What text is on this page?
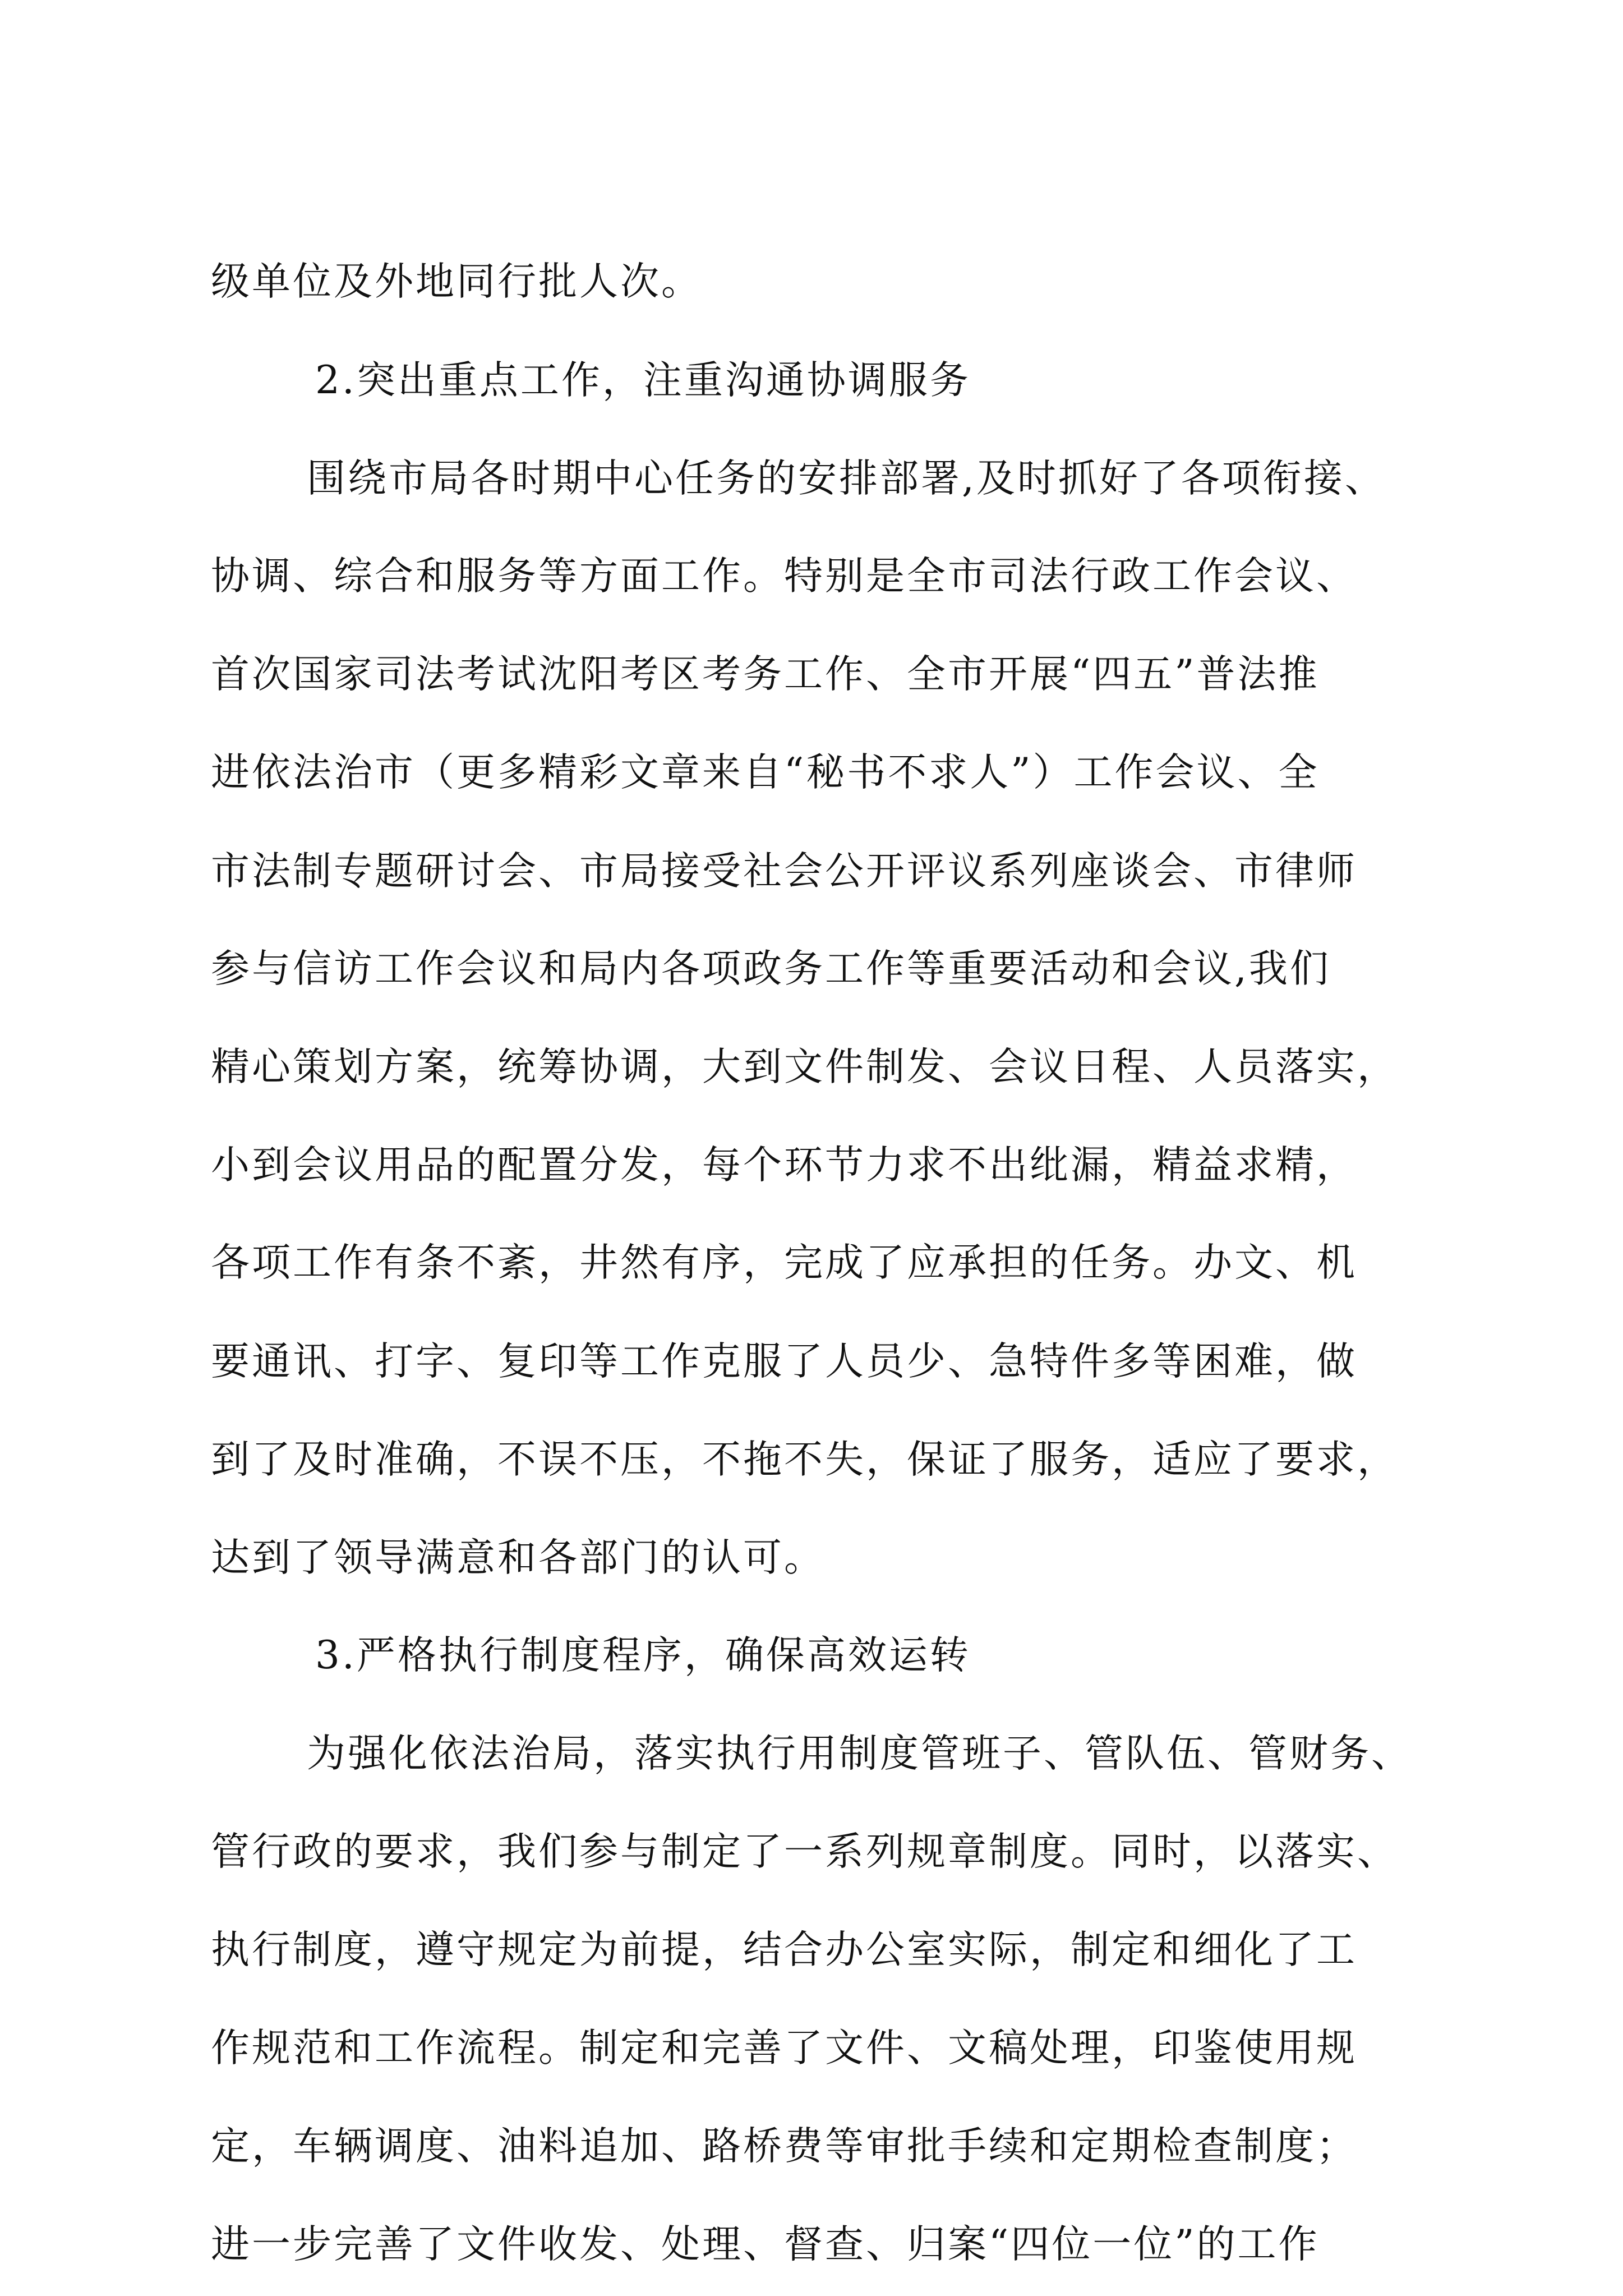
级单位及外地同行批人次。
2.突出重点工作，注重沟通协调服务
围绕市局各时期中心任务的安排部署,及时抓好了各项衔接、
协调、综合和服务等方面工作。特别是全市司法行政工作会议、
首次国家司法考试沈阳考区考务工作、全市开展“四五”普法推
进依法治市（更多精彩文章来自“秘书不求人”）工作会议、全
市法制专题研讨会、市局接受社会公开评议系列座谈会、市律师
参与信访工作会议和局内各项政务工作等重要活动和会议,我们
精心策划方案，统筹协调，大到文件制发、会议日程、人员落实，
小到会议用品的配置分发，每个环节力求不出纰漏，精益求精，
各项工作有条不紊，井然有序，完成了应承担的任务。办文、机
要通讯、打字、复印等工作克服了人员少、急特件多等困难，做
到了及时准确，不误不压，不拖不失，保证了服务，适应了要求，
达到了领导满意和各部门的认可。
3.严格执行制度程序，确保高效运转
为强化依法治局，落实执行用制度管班子、管队伍、管财务、
管行政的要求，我们参与制定了一系列规章制度。同时，以落实、
执行制度，遵守规定为前提，结合办公室实际，制定和细化了工
作规范和工作流程。制定和完善了文件、文稿处理，印鉴使用规
定，车辆调度、油料追加、路桥费等审批手续和定期检查制度；
进一步完善了文件收发、处理、督查、归案“四位一位”的工作
